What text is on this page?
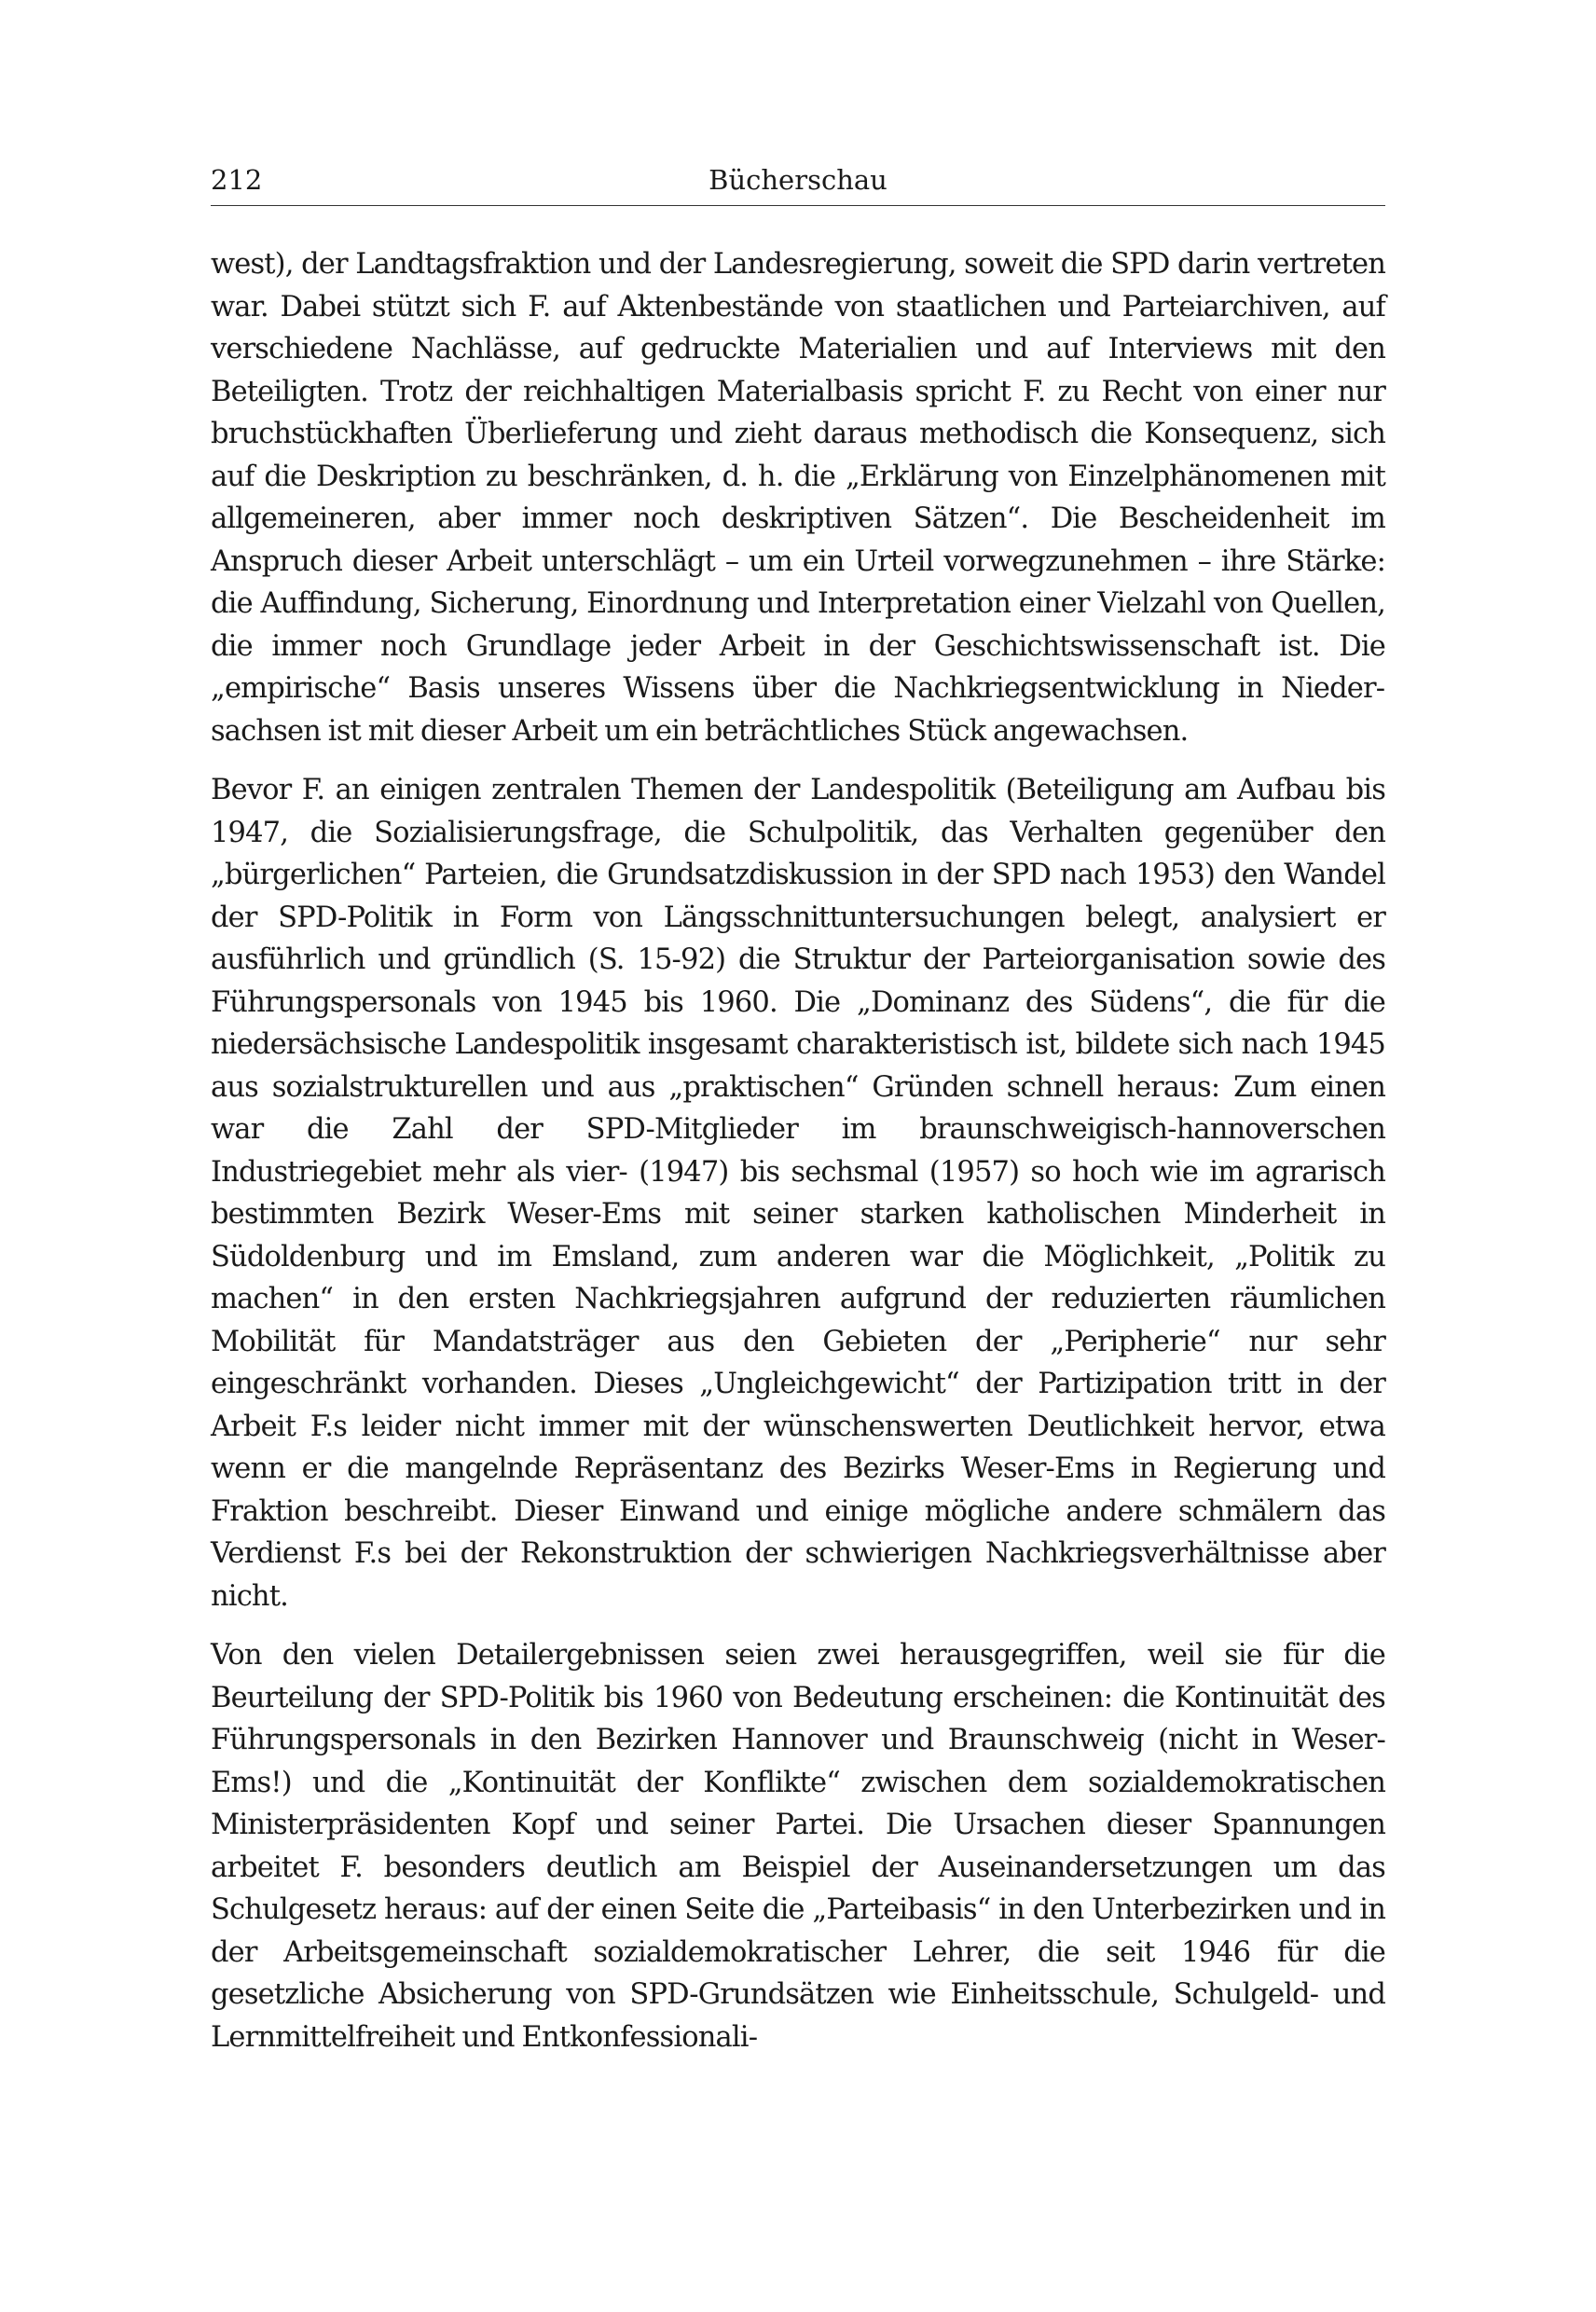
212	Bücherschau

west), der Landtagsfraktion und der Landesregierung, soweit die SPD darin vertreten war. Dabei stützt sich F. auf Aktenbestände von staatlichen und Parteiarchiven, auf verschiedene Nachlässe, auf gedruckte Materialien und auf Interviews mit den Beteiligten. Trotz der reichhaltigen Materialbasis spricht F. zu Recht von einer nur bruchstückhaften Überlieferung und zieht daraus methodisch die Konsequenz, sich auf die Deskription zu beschränken, d. h. die „Erklärung von Einzelphänomenen mit allgemeineren, aber immer noch deskriptiven Sätzen“. Die Bescheidenheit im Anspruch dieser Arbeit unterschlägt – um ein Urteil vorwegzunehmen – ihre Stärke: die Auffindung, Sicherung, Einordnung und Interpretation einer Vielzahl von Quellen, die immer noch Grundlage jeder Arbeit in der Geschichtswissenschaft ist. Die „empirische“ Basis unseres Wissens über die Nachkriegsentwicklung in Niedersachsen ist mit dieser Arbeit um ein beträchtliches Stück angewachsen.

Bevor F. an einigen zentralen Themen der Landespolitik (Beteiligung am Aufbau bis 1947, die Sozialisierungsfrage, die Schulpolitik, das Verhalten gegenüber den „bürgerlichen“ Parteien, die Grundsatzdiskussion in der SPD nach 1953) den Wandel der SPD-Politik in Form von Längsschnittuntersuchungen belegt, analysiert er ausführlich und gründlich (S. 15-92) die Struktur der Parteiorganisation sowie des Führungspersonals von 1945 bis 1960. Die „Dominanz des Südens“, die für die niedersächsische Landespolitik insgesamt charakteristisch ist, bildete sich nach 1945 aus sozialstrukturellen und aus „praktischen“ Gründen schnell heraus: Zum einen war die Zahl der SPD-Mitglieder im braunschweigisch-hannoverschen Industriegebiet mehr als vier- (1947) bis sechsmal (1957) so hoch wie im agrarisch bestimmten Bezirk Weser-Ems mit seiner starken katholischen Minderheit in Südoldenburg und im Emsland, zum anderen war die Möglichkeit, „Politik zu machen“ in den ersten Nachkriegsjahren aufgrund der reduzierten räumlichen Mobilität für Mandatsträger aus den Gebieten der „Peripherie“ nur sehr eingeschränkt vorhanden. Dieses „Ungleichgewicht“ der Partizipation tritt in der Arbeit F.s leider nicht immer mit der wünschenswerten Deutlichkeit hervor, etwa wenn er die mangelnde Repräsentanz des Bezirks Weser-Ems in Regierung und Fraktion beschreibt. Dieser Einwand und einige mögliche andere schmälern das Verdienst F.s bei der Rekonstruktion der schwierigen Nachkriegsverhältnisse aber nicht.

Von den vielen Detailergebnissen seien zwei herausgegriffen, weil sie für die Beurteilung der SPD-Politik bis 1960 von Bedeutung erscheinen: die Kontinuität des Führungspersonals in den Bezirken Hannover und Braunschweig (nicht in Weser-Ems!) und die „Kontinuität der Konflikte“ zwischen dem sozialdemokratischen Ministerpräsidenten Kopf und seiner Partei. Die Ursachen dieser Spannungen arbeitet F. besonders deutlich am Beispiel der Auseinandersetzungen um das Schulgesetz heraus: auf der einen Seite die „Parteibasis“ in den Unterbezirken und in der Arbeitsgemeinschaft sozialdemokratischer Lehrer, die seit 1946 für die gesetzliche Absicherung von SPD-Grundsätzen wie Einheitsschule, Schulgeld- und Lernmittelfreiheit und Entkonfessionali-
